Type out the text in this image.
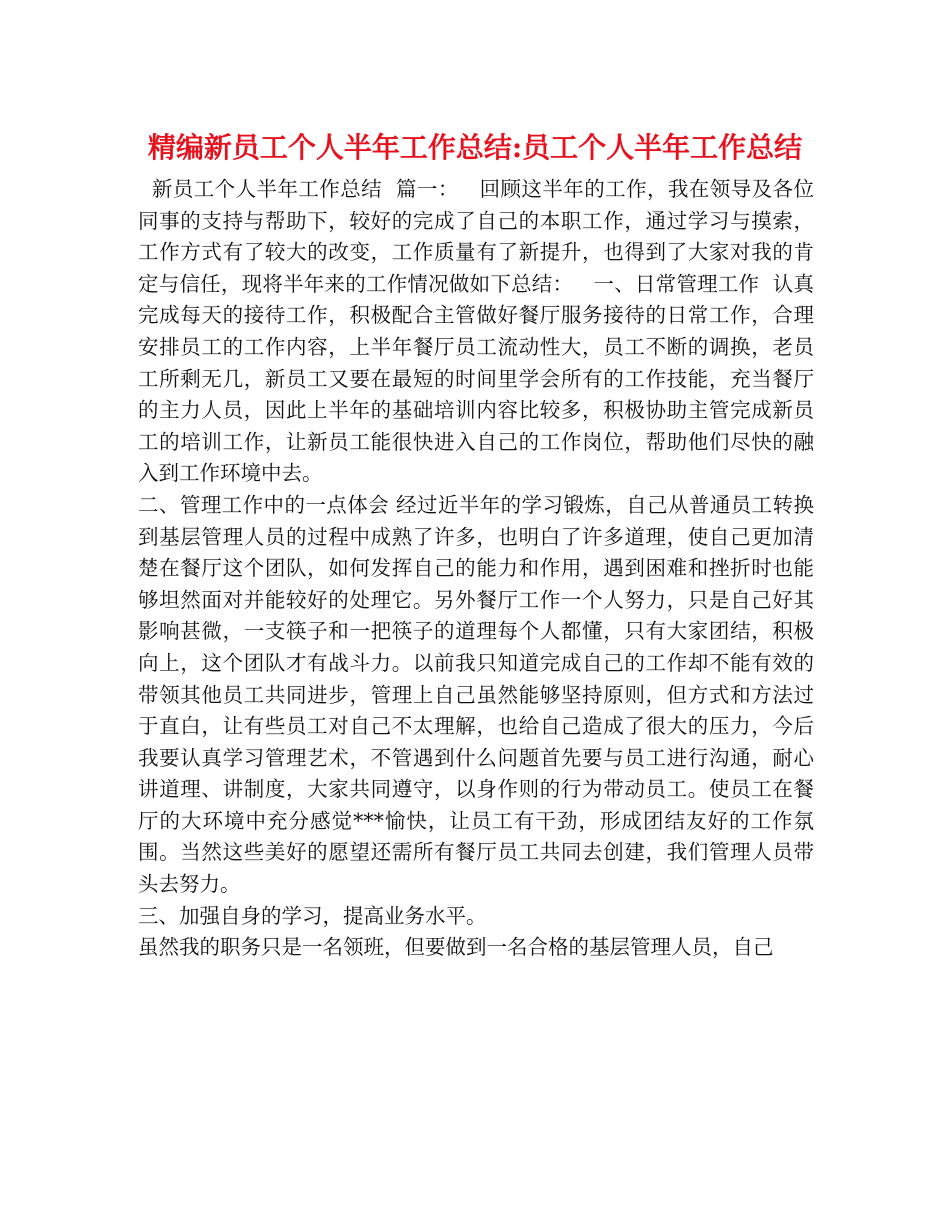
精编新员工个人半年工作总结:员工个人半年工作总结

新员工个人半年工作总结  篇一：   回顾这半年的工作，我在领导及各位同事的支持与帮助下，较好的完成了自己的本职工作，通过学习与摸索，工作方式有了较大的改变，工作质量有了新提升，也得到了大家对我的肯定与信任，现将半年来的工作情况做如下总结：   一、日常管理工作  认真完成每天的接待工作，积极配合主管做好餐厅服务接待的日常工作，合理安排员工的工作内容，上半年餐厅员工流动性大，员工不断的调换，老员工所剩无几，新员工又要在最短的时间里学会所有的工作技能，充当餐厅的主力人员，因此上半年的基础培训内容比较多，积极协助主管完成新员工的培训工作，让新员工能很快进入自己的工作岗位，帮助他们尽快的融入到工作环境中去。

二、管理工作中的一点体会 经过近半年的学习锻炼，自己从普通员工转换到基层管理人员的过程中成熟了许多，也明白了许多道理，使自己更加清楚在餐厅这个团队，如何发挥自己的能力和作用，遇到困难和挫折时也能够坦然面对并能较好的处理它。另外餐厅工作一个人努力，只是自己好其影响甚微，一支筷子和一把筷子的道理每个人都懂，只有大家团结，积极向上，这个团队才有战斗力。以前我只知道完成自己的工作却不能有效的带领其他员工共同进步，管理上自己虽然能够坚持原则，但方式和方法过于直白，让有些员工对自己不太理解，也给自己造成了很大的压力，今后我要认真学习管理艺术，不管遇到什么问题首先要与员工进行沟通，耐心讲道理、讲制度，大家共同遵守，以身作则的行为带动员工。使员工在餐厅的大环境中充分感觉***愉快，让员工有干劲，形成团结友好的工作氛围。当然这些美好的愿望还需所有餐厅员工共同去创建，我们管理人员带头去努力。

三、加强自身的学习，提高业务水平。

虽然我的职务只是一名领班，但要做到一名合格的基层管理人员，自己
